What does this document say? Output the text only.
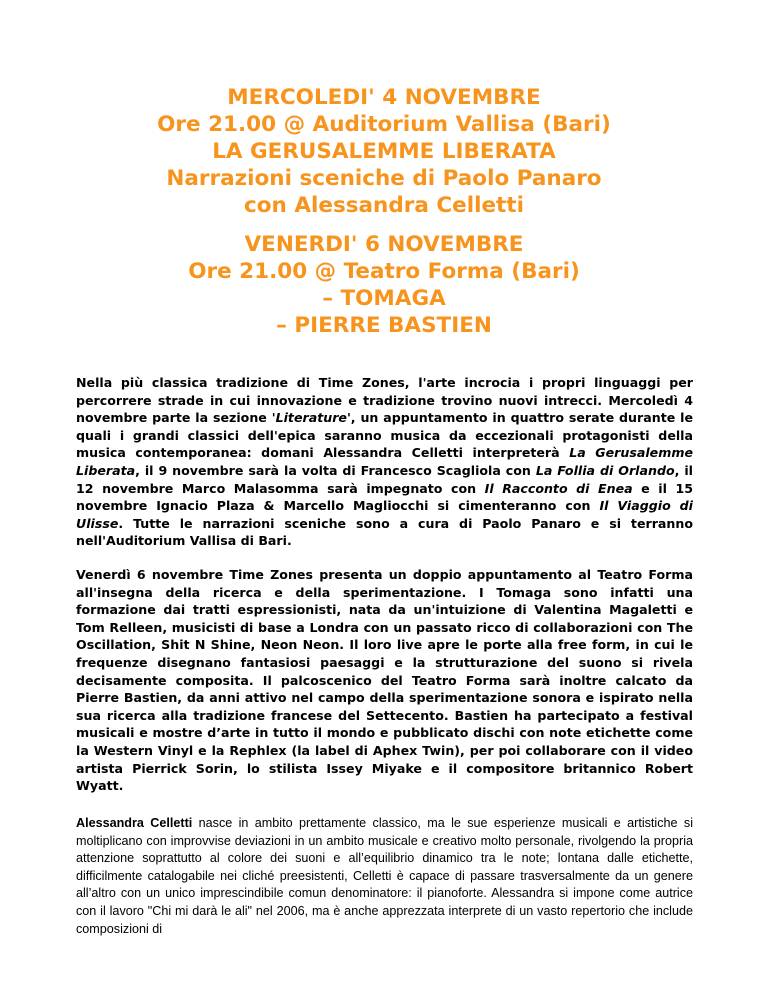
MERCOLEDI' 4 NOVEMBRE

Ore 21.00 @ Auditorium Vallisa (Bari)

LA GERUSALEMME LIBERATA

Narrazioni sceniche di Paolo Panaro

con Alessandra Celletti

VENERDI' 6 NOVEMBRE

Ore 21.00 @ Teatro Forma (Bari)

– TOMAGA

– PIERRE BASTIEN

Nella più classica tradizione di Time Zones, l'arte incrocia i propri linguaggi per percorrere strade in cui innovazione e tradizione trovino nuovi intrecci. Mercoledì 4 novembre parte la sezione 'Literature', un appuntamento in quattro serate durante le quali i grandi classici dell'epica saranno musica da eccezionali protagonisti della musica contemporanea: domani Alessandra Celletti interpreterà La Gerusalemme Liberata, il 9 novembre sarà la volta di Francesco Scagliola con La Follia di Orlando, il 12 novembre Marco Malasomma sarà impegnato con Il Racconto di Enea e il 15 novembre Ignacio Plaza & Marcello Magliocchi si cimenteranno con Il Viaggio di Ulisse. Tutte le narrazioni sceniche sono a cura di Paolo Panaro e si terranno nell'Auditorium Vallisa di Bari.

Venerdì 6 novembre Time Zones presenta un doppio appuntamento al Teatro Forma all'insegna della ricerca e della sperimentazione. I Tomaga sono infatti una formazione dai tratti espressionisti, nata da un'intuizione di Valentina Magaletti e Tom Relleen, musicisti di base a Londra con un passato ricco di collaborazioni con The Oscillation, Shit N Shine, Neon Neon. Il loro live apre le porte alla free form, in cui le frequenze disegnano fantasiosi paesaggi e la strutturazione del suono si rivela decisamente composita. Il palcoscenico del Teatro Forma sarà inoltre calcato da Pierre Bastien, da anni attivo nel campo della sperimentazione sonora e ispirato nella sua ricerca alla tradizione francese del Settecento. Bastien ha partecipato a festival musicali e mostre d’arte in tutto il mondo e pubblicato dischi con note etichette come la Western Vinyl e la Rephlex (la label di Aphex Twin), per poi collaborare con il video artista Pierrick Sorin, lo stilista Issey Miyake e il compositore britannico Robert Wyatt.

Alessandra Celletti nasce in ambito prettamente classico, ma le sue esperienze musicali e artistiche si moltiplicano con improvvise deviazioni in un ambito musicale e creativo molto personale, rivolgendo la propria attenzione soprattutto al colore dei suoni e all’equilibrio dinamico tra le note; lontana dalle etichette, difficilmente catalogabile nei cliché preesistenti, Celletti è capace di passare trasversalmente da un genere all’altro con un unico imprescindibile comun denominatore: il pianoforte. Alessandra si impone come autrice con il lavoro "Chi mi darà le ali" nel 2006, ma è anche apprezzata interprete di un vasto repertorio che include composizioni di
